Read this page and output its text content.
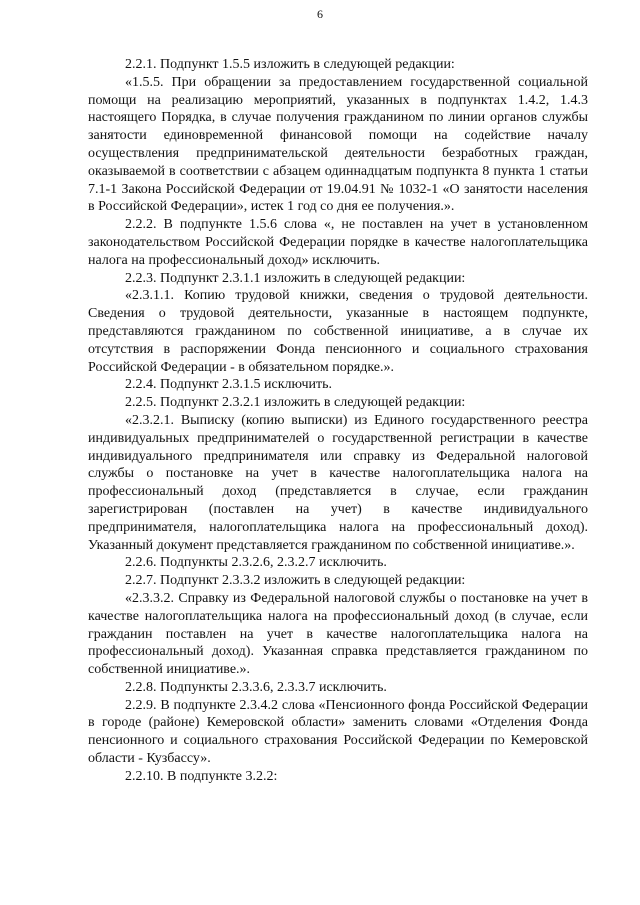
6

2.2.1. Подпункт 1.5.5 изложить в следующей редакции:

«1.5.5. При обращении за предоставлением государственной социальной помощи на реализацию мероприятий, указанных в подпунктах 1.4.2, 1.4.3 настоящего Порядка, в случае получения гражданином по линии органов службы занятости единовременной финансовой помощи на содействие началу осуществления предпринимательской деятельности безработных граждан, оказываемой в соответствии с абзацем одиннадцатым подпункта 8 пункта 1 статьи 7.1-1 Закона Российской Федерации от 19.04.91 № 1032-1 «О занятости населения в Российской Федерации», истек 1 год со дня ее получения.».

2.2.2. В подпункте 1.5.6 слова «, не поставлен на учет в установленном законодательством Российской Федерации порядке в качестве налогоплательщика налога на профессиональный доход» исключить.

2.2.3. Подпункт 2.3.1.1 изложить в следующей редакции:

«2.3.1.1. Копию трудовой книжки, сведения о трудовой деятельности. Сведения о трудовой деятельности, указанные в настоящем подпункте, представляются гражданином по собственной инициативе, а в случае их отсутствия в распоряжении Фонда пенсионного и социального страхования Российской Федерации - в обязательном порядке.».

2.2.4. Подпункт 2.3.1.5 исключить.

2.2.5. Подпункт 2.3.2.1 изложить в следующей редакции:

«2.3.2.1. Выписку (копию выписки) из Единого государственного реестра индивидуальных предпринимателей о государственной регистрации в качестве индивидуального предпринимателя или справку из Федеральной налоговой службы о постановке на учет в качестве налогоплательщика налога на профессиональный доход (представляется в случае, если гражданин зарегистрирован (поставлен на учет) в качестве индивидуального предпринимателя, налогоплательщика налога на профессиональный доход). Указанный документ представляется гражданином по собственной инициативе.».

2.2.6. Подпункты 2.3.2.6, 2.3.2.7 исключить.

2.2.7. Подпункт 2.3.3.2 изложить в следующей редакции:

«2.3.3.2. Справку из Федеральной налоговой службы о постановке на учет в качестве налогоплательщика налога на профессиональный доход (в случае, если гражданин поставлен на учет в качестве налогоплательщика налога на профессиональный доход). Указанная справка представляется гражданином по собственной инициативе.».

2.2.8. Подпункты 2.3.3.6, 2.3.3.7 исключить.

2.2.9. В подпункте 2.3.4.2 слова «Пенсионного фонда Российской Федерации в городе (районе) Кемеровской области» заменить словами «Отделения Фонда пенсионного и социального страхования Российской Федерации по Кемеровской области - Кузбассу».

2.2.10. В подпункте 3.2.2:
